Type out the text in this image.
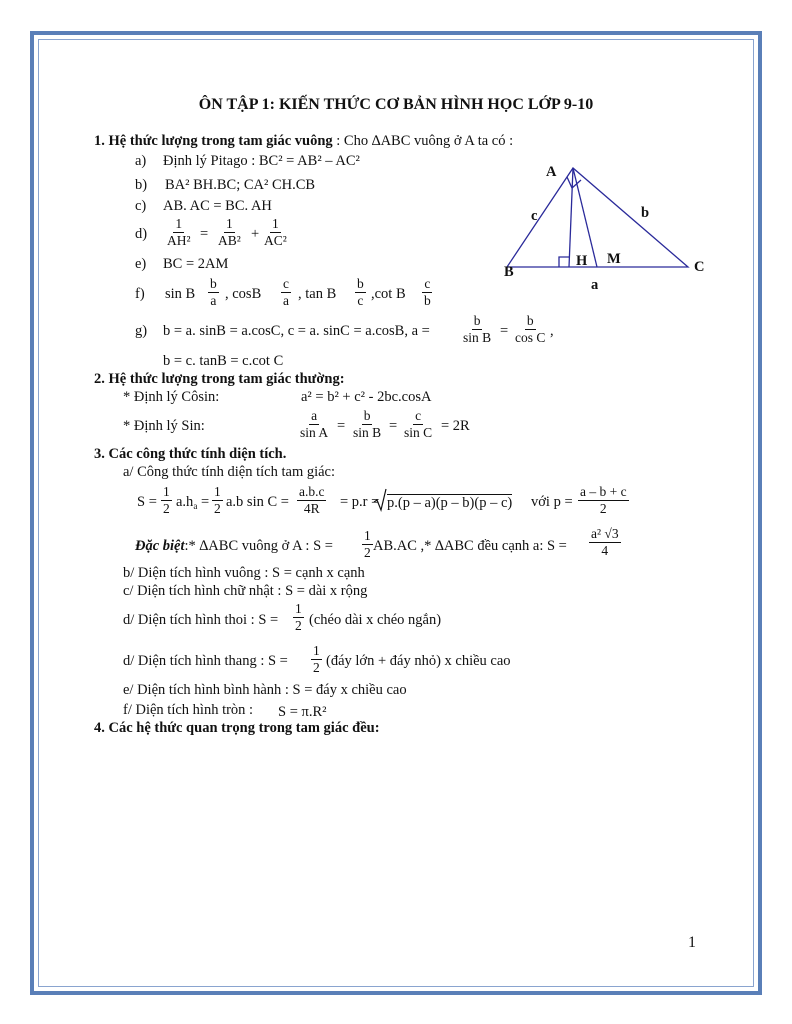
ÔN TẬP 1: KIẾN THỨC CƠ BẢN HÌNH HỌC LỚP 9-10
1. Hệ thức lượng trong tam giác vuông : Cho ∆ABC vuông ở A ta có :
a) Định lý Pitago : BC² = AB² – AC²
b) BA² BH.BC; CA² CH.CB
c) AB. AC = BC. AH
$d) \frac{1}{\text{AH²}} = \frac{1}{\text{AB²}} + \frac{1}{\text{AC²}}$
e) BC = 2AM
f) sin B $\frac{b}{a}$ , cosB $\frac{c}{a}$ , tan B $\frac{b}{c} ,\cot$ B $\frac{c}{b}$
g) b = a. sinB = a.cosC, c = a. sinC = a.cosB, $a = \frac{b}{\text{sin B}} = \frac{b}{\text{cos C}}$ ,
b = c. tanB = c.cot C
A
B	C
H M
a
b
c
2. Hệ thức lượng trong tam giác thường:
* Định lý Côsin:	a² = b² + c² - 2bc.cosA
* Định lý Sin:	$\frac{a}{\text{sin A}} = \frac{b}{\text{sin B}} = \frac{c}{\text{sin C}} = 2R$
3. Các công thức tính diện tích.
a/ Công thức tính diện tích tam giác:
$S = \frac{1}{2} a.h_a = \frac{1}{2} a.b$ $\sin C = \frac{a.b.c}{4R} = p.r = p.(p - a)(p - b)(p - c)$ với $p = \frac{a - b + c}{2}$
Đặc biệt:* ∆ABC vuông ở A : $S = \frac{1}{2} AB.AC$ ,* ∆ABC đều cạnh a: $S = \frac{\text{a² √3}}{4}$
b/ Diện tích hình vuông : S = cạnh x cạnh
c/ Diện tích hình chữ nhật : S = dài x rộng
d/ Diện tích hình thoi : $S = \frac{1}{2}$ (chéo dài x chéo ngắn)
d/ Diện tích hình thang : $S = \frac{1}{2}$ (đáy lớn + đáy nhỏ) x chiều cao
e/ Diện tích hình bình hành : S = đáy x chiều cao
f/ Diện tích hình tròn : S = π.R²
4. Các hệ thức quan trọng trong tam giác đều:
1
